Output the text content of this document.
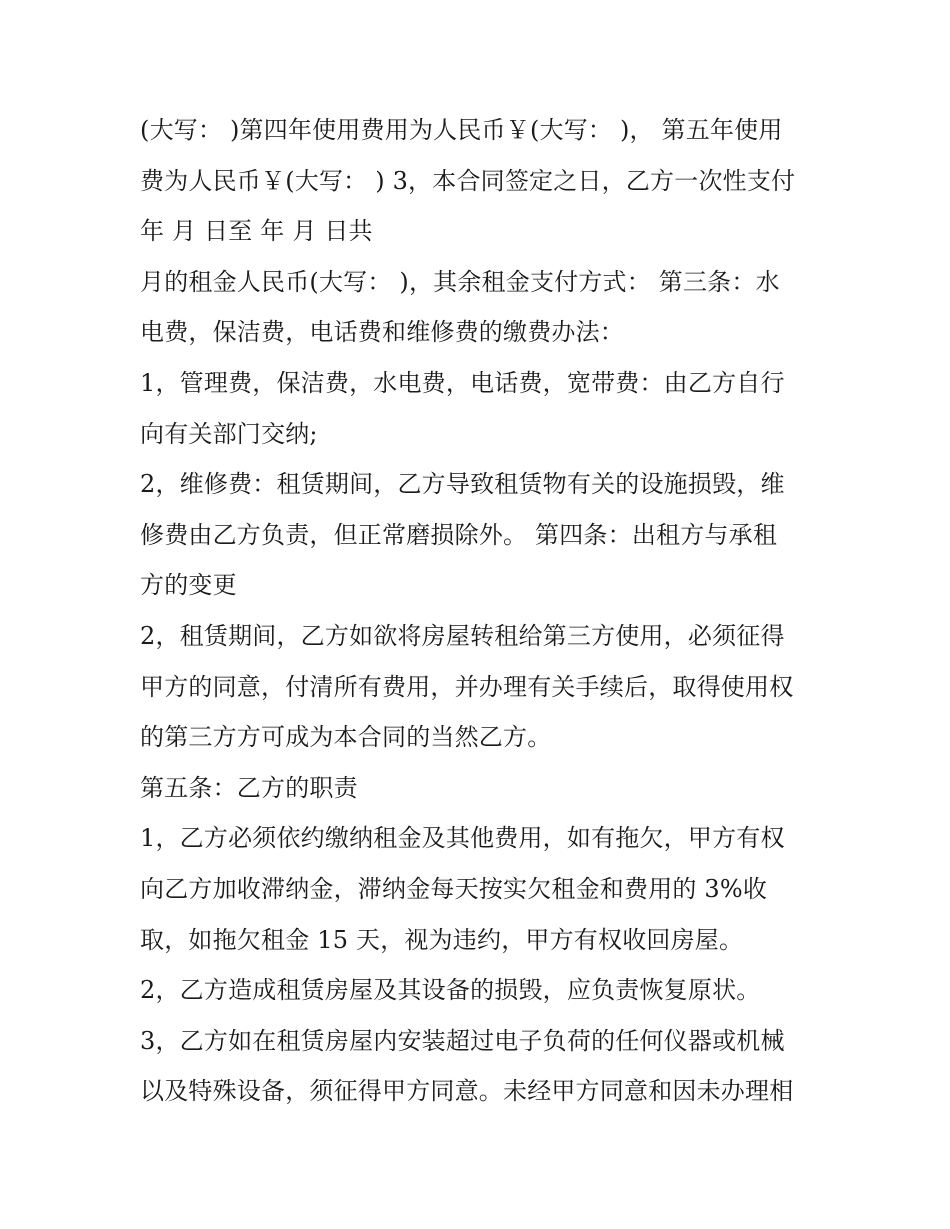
(大写： )第四年使用费用为人民币￥(大写： )， 第五年使用
费为人民币￥(大写： ) 3，本合同签定之日，乙方一次性支付
年 月 日至 年 月 日共
月的租金人民币(大写： )，其余租金支付方式： 第三条：水
电费，保洁费，电话费和维修费的缴费办法：
1，管理费，保洁费，水电费，电话费，宽带费：由乙方自行
向有关部门交纳;
2，维修费：租赁期间，乙方导致租赁物有关的设施损毁，维
修费由乙方负责，但正常磨损除外。 第四条：出租方与承租
方的变更
2，租赁期间，乙方如欲将房屋转租给第三方使用，必须征得
甲方的同意，付清所有费用，并办理有关手续后，取得使用权
的第三方方可成为本合同的当然乙方。
第五条：乙方的职责
1，乙方必须依约缴纳租金及其他费用，如有拖欠，甲方有权
向乙方加收滞纳金，滞纳金每天按实欠租金和费用的 3%收
取，如拖欠租金 15 天，视为违约，甲方有权收回房屋。
2，乙方造成租赁房屋及其设备的损毁，应负责恢复原状。
3，乙方如在租赁房屋内安装超过电子负荷的任何仪器或机械
以及特殊设备，须征得甲方同意。未经甲方同意和因未办理相
